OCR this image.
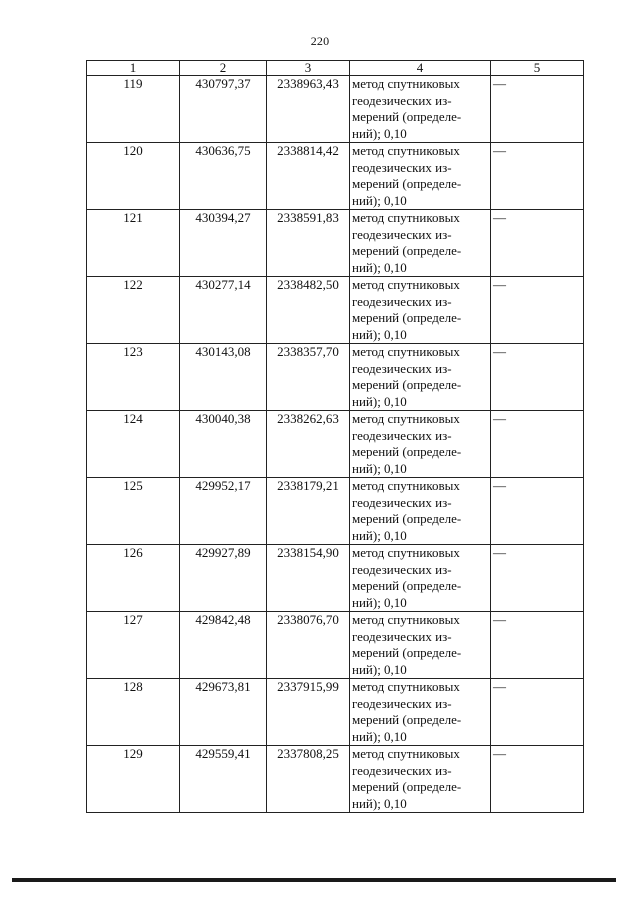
220
1	2	3	4	5
119	430797,37	2338963,43	метод спутниковых
геодезических из-
мерений (определе-
ний); 0,10	—
120	430636,75	2338814,42	метод спутниковых
геодезических из-
мерений (определе-
ний); 0,10	—
121	430394,27	2338591,83	метод спутниковых
геодезических из-
мерений (определе-
ний); 0,10	—
122	430277,14	2338482,50	метод спутниковых
геодезических из-
мерений (определе-
ний); 0,10	—
123	430143,08	2338357,70	метод спутниковых
геодезических из-
мерений (определе-
ний); 0,10	—
124	430040,38	2338262,63	метод спутниковых
геодезических из-
мерений (определе-
ний); 0,10	—
125	429952,17	2338179,21	метод спутниковых
геодезических из-
мерений (определе-
ний); 0,10	—
126	429927,89	2338154,90	метод спутниковых
геодезических из-
мерений (определе-
ний); 0,10	—
127	429842,48	2338076,70	метод спутниковых
геодезических из-
мерений (определе-
ний); 0,10	—
128	429673,81	2337915,99	метод спутниковых
геодезических из-
мерений (определе-
ний); 0,10	—
129	429559,41	2337808,25	метод спутниковых
геодезических из-
мерений (определе-
ний); 0,10	—
